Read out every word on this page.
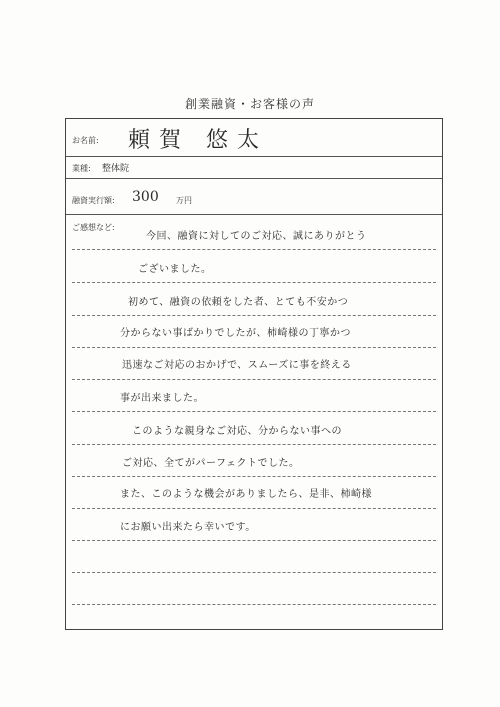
創業融資・お客様の声
お名前: 頼賀 悠太
業種: 整体院
融資実行額: 300 万円
ご感想など:
今回、融資に対してのご対応、誠にありがとう
ございました。
初めて、融資の依頼をした者、とても不安かつ
分からない事ばかりでしたが、柿崎様の丁寧かつ
迅速なご対応のおかげで、スムーズに事を終える
事が出来ました。
このような親身なご対応、分からない事への
ご対応、全てがパーフェクトでした。
また、このような機会がありましたら、是非、柿崎様
にお願い出来たら幸いです。
